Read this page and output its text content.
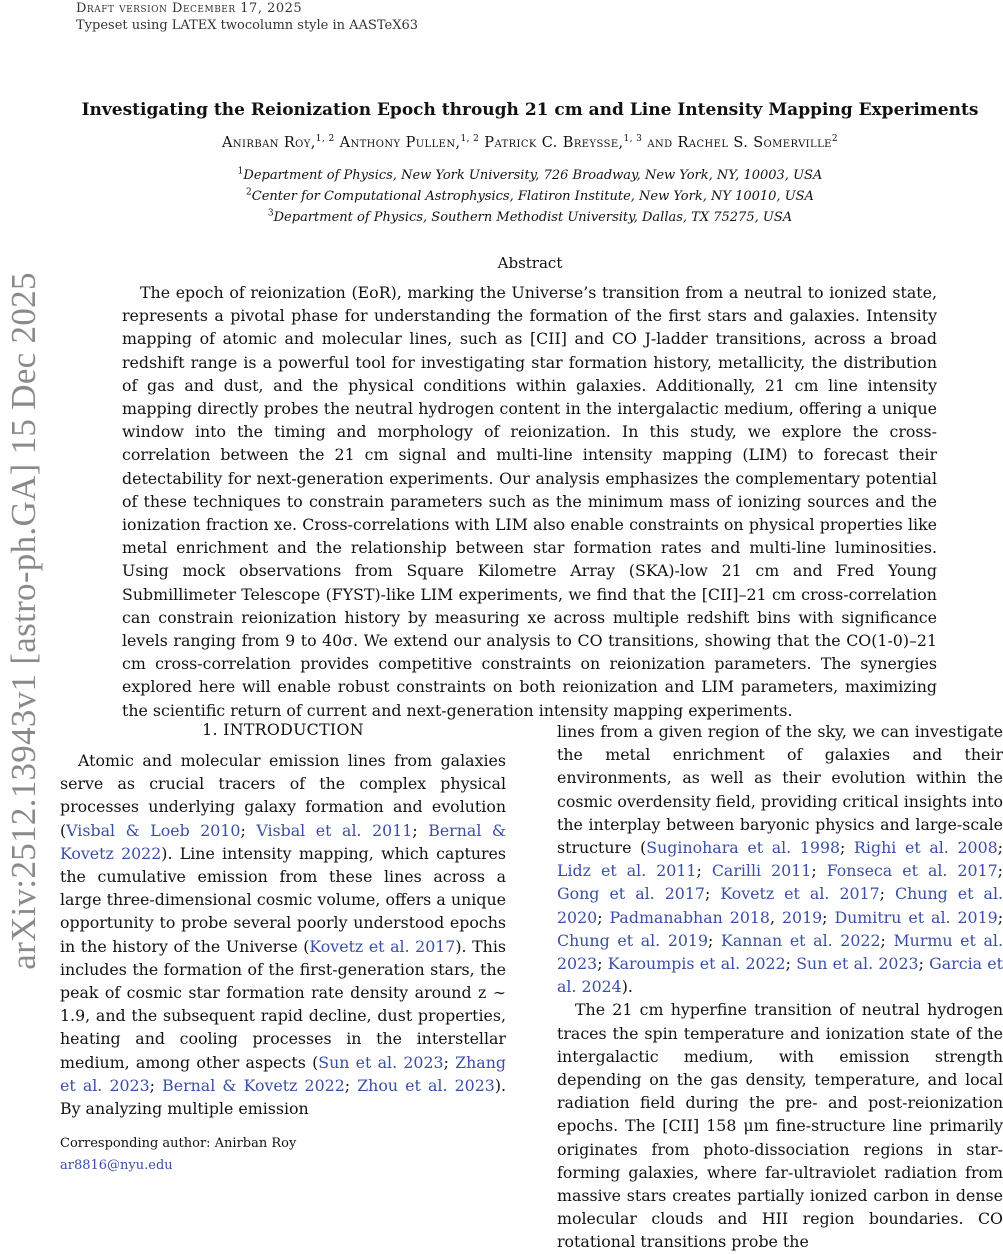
Draft version December 17, 2025
Typeset using LATEX twocolumn style in AASTeX63
arXiv:2512.13943v1 [astro-ph.GA] 15 Dec 2025
Investigating the Reionization Epoch through 21 cm and Line Intensity Mapping Experiments
Anirban Roy,$^{1, 2}$ Anthony Pullen,$^{1, 2}$ Patrick C. Breysse,$^{1, 3}$ and Rachel S. Somerville$^2$
$^1$Department of Physics, New York University, 726 Broadway, New York, NY, 10003, USA
$^2$Center for Computational Astrophysics, Flatiron Institute, New York, NY 10010, USA
$^3$Department of Physics, Southern Methodist University, Dallas, TX 75275, USA
Abstract
The epoch of reionization (EoR), marking the Universe’s transition from a neutral to ionized state, represents a pivotal phase for understanding the formation of the first stars and galaxies. Intensity mapping of atomic and molecular lines, such as [CII] and CO J-ladder transitions, across a broad redshift range is a powerful tool for investigating star formation history, metallicity, the distribution of gas and dust, and the physical conditions within galaxies. Additionally, 21 cm line intensity mapping directly probes the neutral hydrogen content in the intergalactic medium, offering a unique window into the timing and morphology of reionization. In this study, we explore the cross-correlation between the 21 cm signal and multi-line intensity mapping (LIM) to forecast their detectability for next-generation experiments. Our analysis emphasizes the complementary potential of these techniques to constrain parameters such as the minimum mass of ionizing sources and the ionization fraction xe. Cross-correlations with LIM also enable constraints on physical properties like metal enrichment and the relationship between star formation rates and multi-line luminosities. Using mock observations from Square Kilometre Array (SKA)-low 21 cm and Fred Young Submillimeter Telescope (FYST)-like LIM experiments, we find that the [CII]–21 cm cross-correlation can constrain reionization history by measuring xe across multiple redshift bins with significance levels ranging from 9 to 40σ. We extend our analysis to CO transitions, showing that the CO(1-0)–21 cm cross-correlation provides competitive constraints on reionization parameters. The synergies explored here will enable robust constraints on both reionization and LIM parameters, maximizing the scientific return of current and next-generation intensity mapping experiments.
1. INTRODUCTION
Atomic and molecular emission lines from galaxies serve as crucial tracers of the complex physical processes underlying galaxy formation and evolution (Visbal & Loeb 2010; Visbal et al. 2011; Bernal & Kovetz 2022). Line intensity mapping, which captures the cumulative emission from these lines across a large three-dimensional cosmic volume, offers a unique opportunity to probe several poorly understood epochs in the history of the Universe (Kovetz et al. 2017). This includes the formation of the first-generation stars, the peak of cosmic star formation rate density around z ∼ 1.9, and the subsequent rapid decline, dust properties, heating and cooling processes in the interstellar medium, among other aspects (Sun et al. 2023; Zhang et al. 2023; Bernal & Kovetz 2022; Zhou et al. 2023). By analyzing multiple emission

lines from a given region of the sky, we can investigate the metal enrichment of galaxies and their environments, as well as their evolution within the cosmic overdensity field, providing critical insights into the interplay between baryonic physics and large-scale structure (Suginohara et al. 1998; Righi et al. 2008; Lidz et al. 2011; Carilli 2011; Fonseca et al. 2017; Gong et al. 2017; Kovetz et al. 2017; Chung et al. 2020; Padmanabhan 2018, 2019; Dumitru et al. 2019; Chung et al. 2019; Kannan et al. 2022; Murmu et al. 2023; Karoumpis et al. 2022; Sun et al. 2023; Garcia et al. 2024).

The 21 cm hyperfine transition of neutral hydrogen traces the spin temperature and ionization state of the intergalactic medium, with emission strength depending on the gas density, temperature, and local radiation field during the pre- and post-reionization epochs. The [CII] 158 μm fine-structure line primarily originates from photo-dissociation regions in star-forming galaxies, where far-ultraviolet radiation from massive stars creates partially ionized carbon in dense molecular clouds and HII region boundaries. CO rotational transitions probe the

Corresponding author: Anirban Roy
ar8816@nyu.edu
